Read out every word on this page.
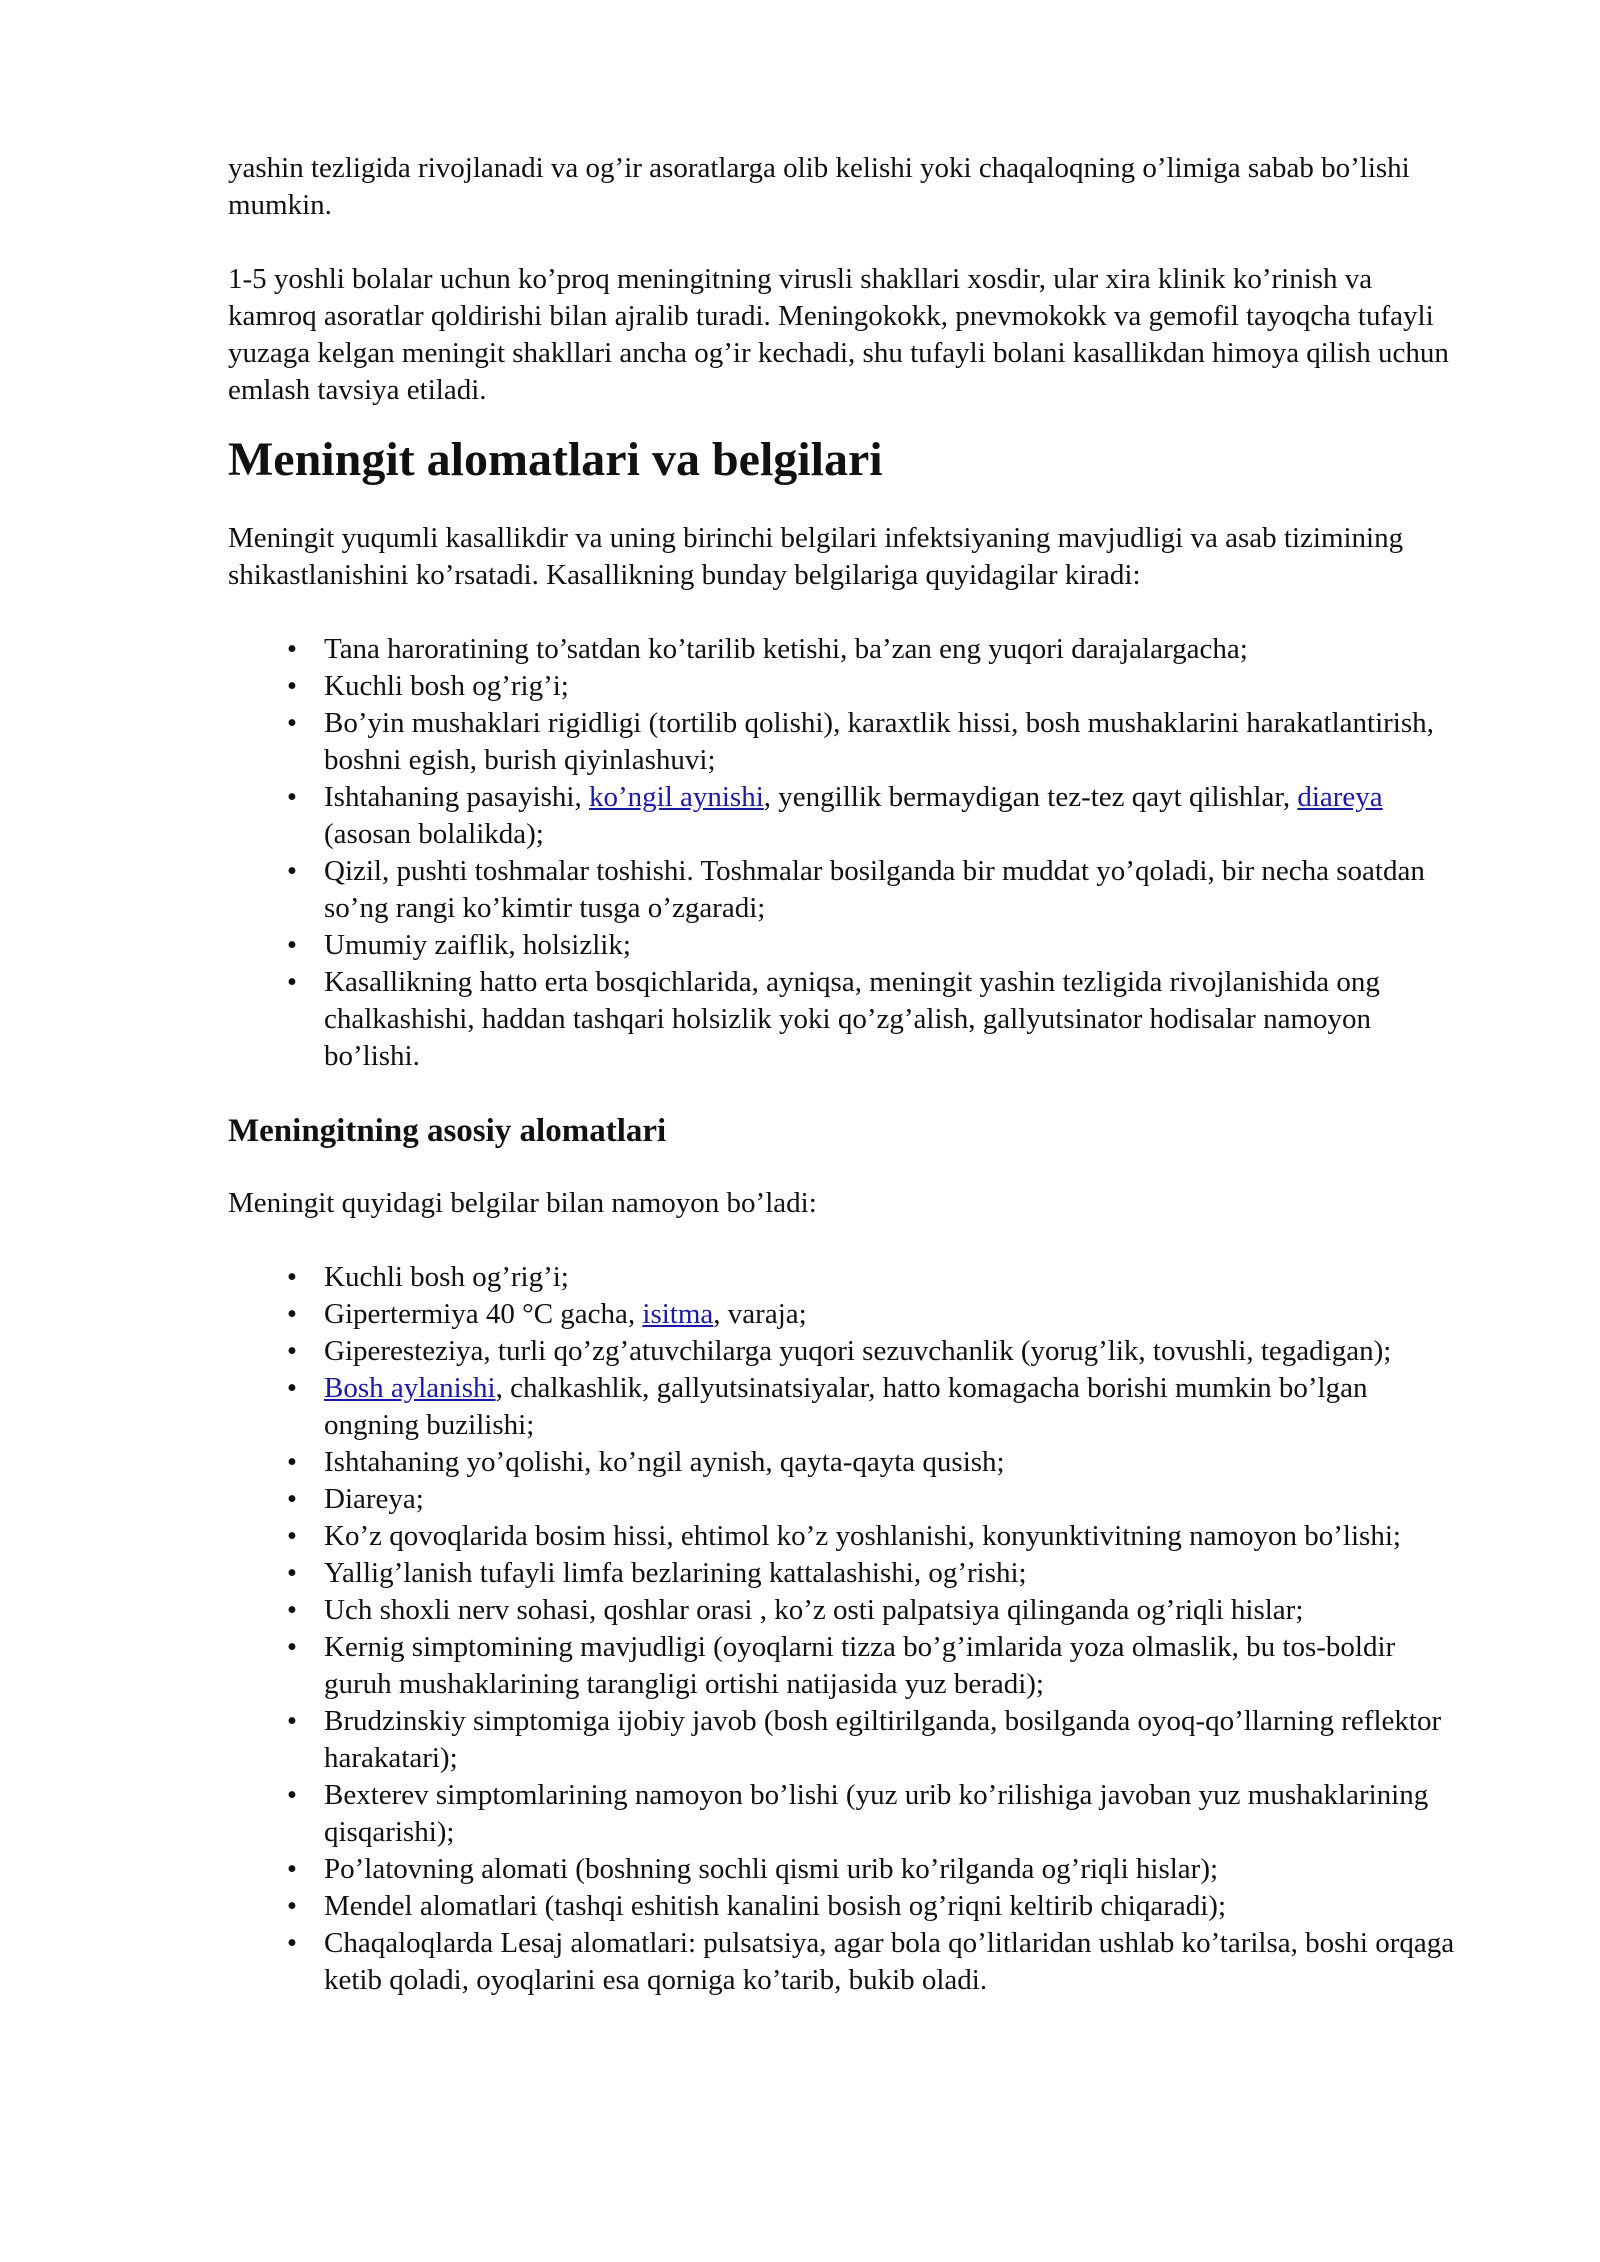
yashin tezligida rivojlanadi va og’ir asoratlarga olib kelishi yoki chaqaloqning o’limiga sabab bo’lishi mumkin.

1-5 yoshli bolalar uchun ko’proq meningitning virusli shakllari xosdir, ular xira klinik ko’rinish va kamroq asoratlar qoldirishi bilan ajralib turadi. Meningokokk, pnevmokokk va gemofil tayoqcha tufayli yuzaga kelgan meningit shakllari ancha og’ir kechadi, shu tufayli bolani kasallikdan himoya qilish uchun emlash tavsiya etiladi.

Meningit alomatlari va belgilari

Meningit yuqumli kasallikdir va uning birinchi belgilari infektsiyaning mavjudligi va asab tizimining shikastlanishini ko’rsatadi. Kasallikning bunday belgilariga quyidagilar kiradi:

• Tana haroratining to’satdan ko’tarilib ketishi, ba’zan eng yuqori darajalargacha;
• Kuchli bosh og’rig’i;
• Bo’yin mushaklari rigidligi (tortilib qolishi), karaxtlik hissi, bosh mushaklarini harakatlantirish, boshni egish, burish qiyinlashuvi;
• Ishtahaning pasayishi, ko’ngil aynishi, yengillik bermaydigan tez-tez qayt qilishlar, diareya (asosan bolalikda);
• Qizil, pushti toshmalar toshishi. Toshmalar bosilganda bir muddat yo’qoladi, bir necha soatdan so’ng rangi ko’kimtir tusga o’zgaradi;
• Umumiy zaiflik, holsizlik;
• Kasallikning hatto erta bosqichlarida, ayniqsa, meningit yashin tezligida rivojlanishida ong chalkashishi, haddan tashqari holsizlik yoki qo’zg’alish, gallyutsinator hodisalar namoyon bo’lishi.
Meningitning asosiy alomatlari

Meningit quyidagi belgilar bilan namoyon bo’ladi:

• Kuchli bosh og’rig’i;
• Gipertermiya 40 °C gacha, isitma, varaja;
• Giperesteziya, turli qo’zg’atuvchilarga yuqori sezuvchanlik (yorug’lik, tovushli, tegadigan);
• Bosh aylanishi, chalkashlik, gallyutsinatsiyalar, hatto komagacha borishi mumkin bo’lgan ongning buzilishi;
• Ishtahaning yo’qolishi, ko’ngil aynish, qayta-qayta qusish;
• Diareya;
• Ko’z qovoqlarida bosim hissi, ehtimol ko’z yoshlanishi, konyunktivitning namoyon bo’lishi;
• Yallig’lanish tufayli limfa bezlarining kattalashishi, og’rishi;
• Uch shoxli nerv sohasi, qoshlar orasi , ko’z osti palpatsiya qilinganda og’riqli hislar;
• Kernig simptomining mavjudligi (oyoqlarni tizza bo’g’imlarida yoza olmaslik, bu tos-boldir guruh mushaklarining tarangligi ortishi natijasida yuz beradi);
• Brudzinskiy simptomiga ijobiy javob (bosh egiltirilganda, bosilganda oyoq-qo’llarning reflektor harakatari);
• Bexterev simptomlarining namoyon bo’lishi (yuz urib ko’rilishiga javoban yuz mushaklarining qisqarishi);
• Po’latovning alomati (boshning sochli qismi urib ko’rilganda og’riqli hislar);
• Mendel alomatlari (tashqi eshitish kanalini bosish og’riqni keltirib chiqaradi);
• Chaqaloqlarda Lesaj alomatlari: pulsatsiya, agar bola qo’litlaridan ushlab ko’tarilsa, boshi orqaga ketib qoladi, oyoqlarini esa qorniga ko’tarib, bukib oladi.
